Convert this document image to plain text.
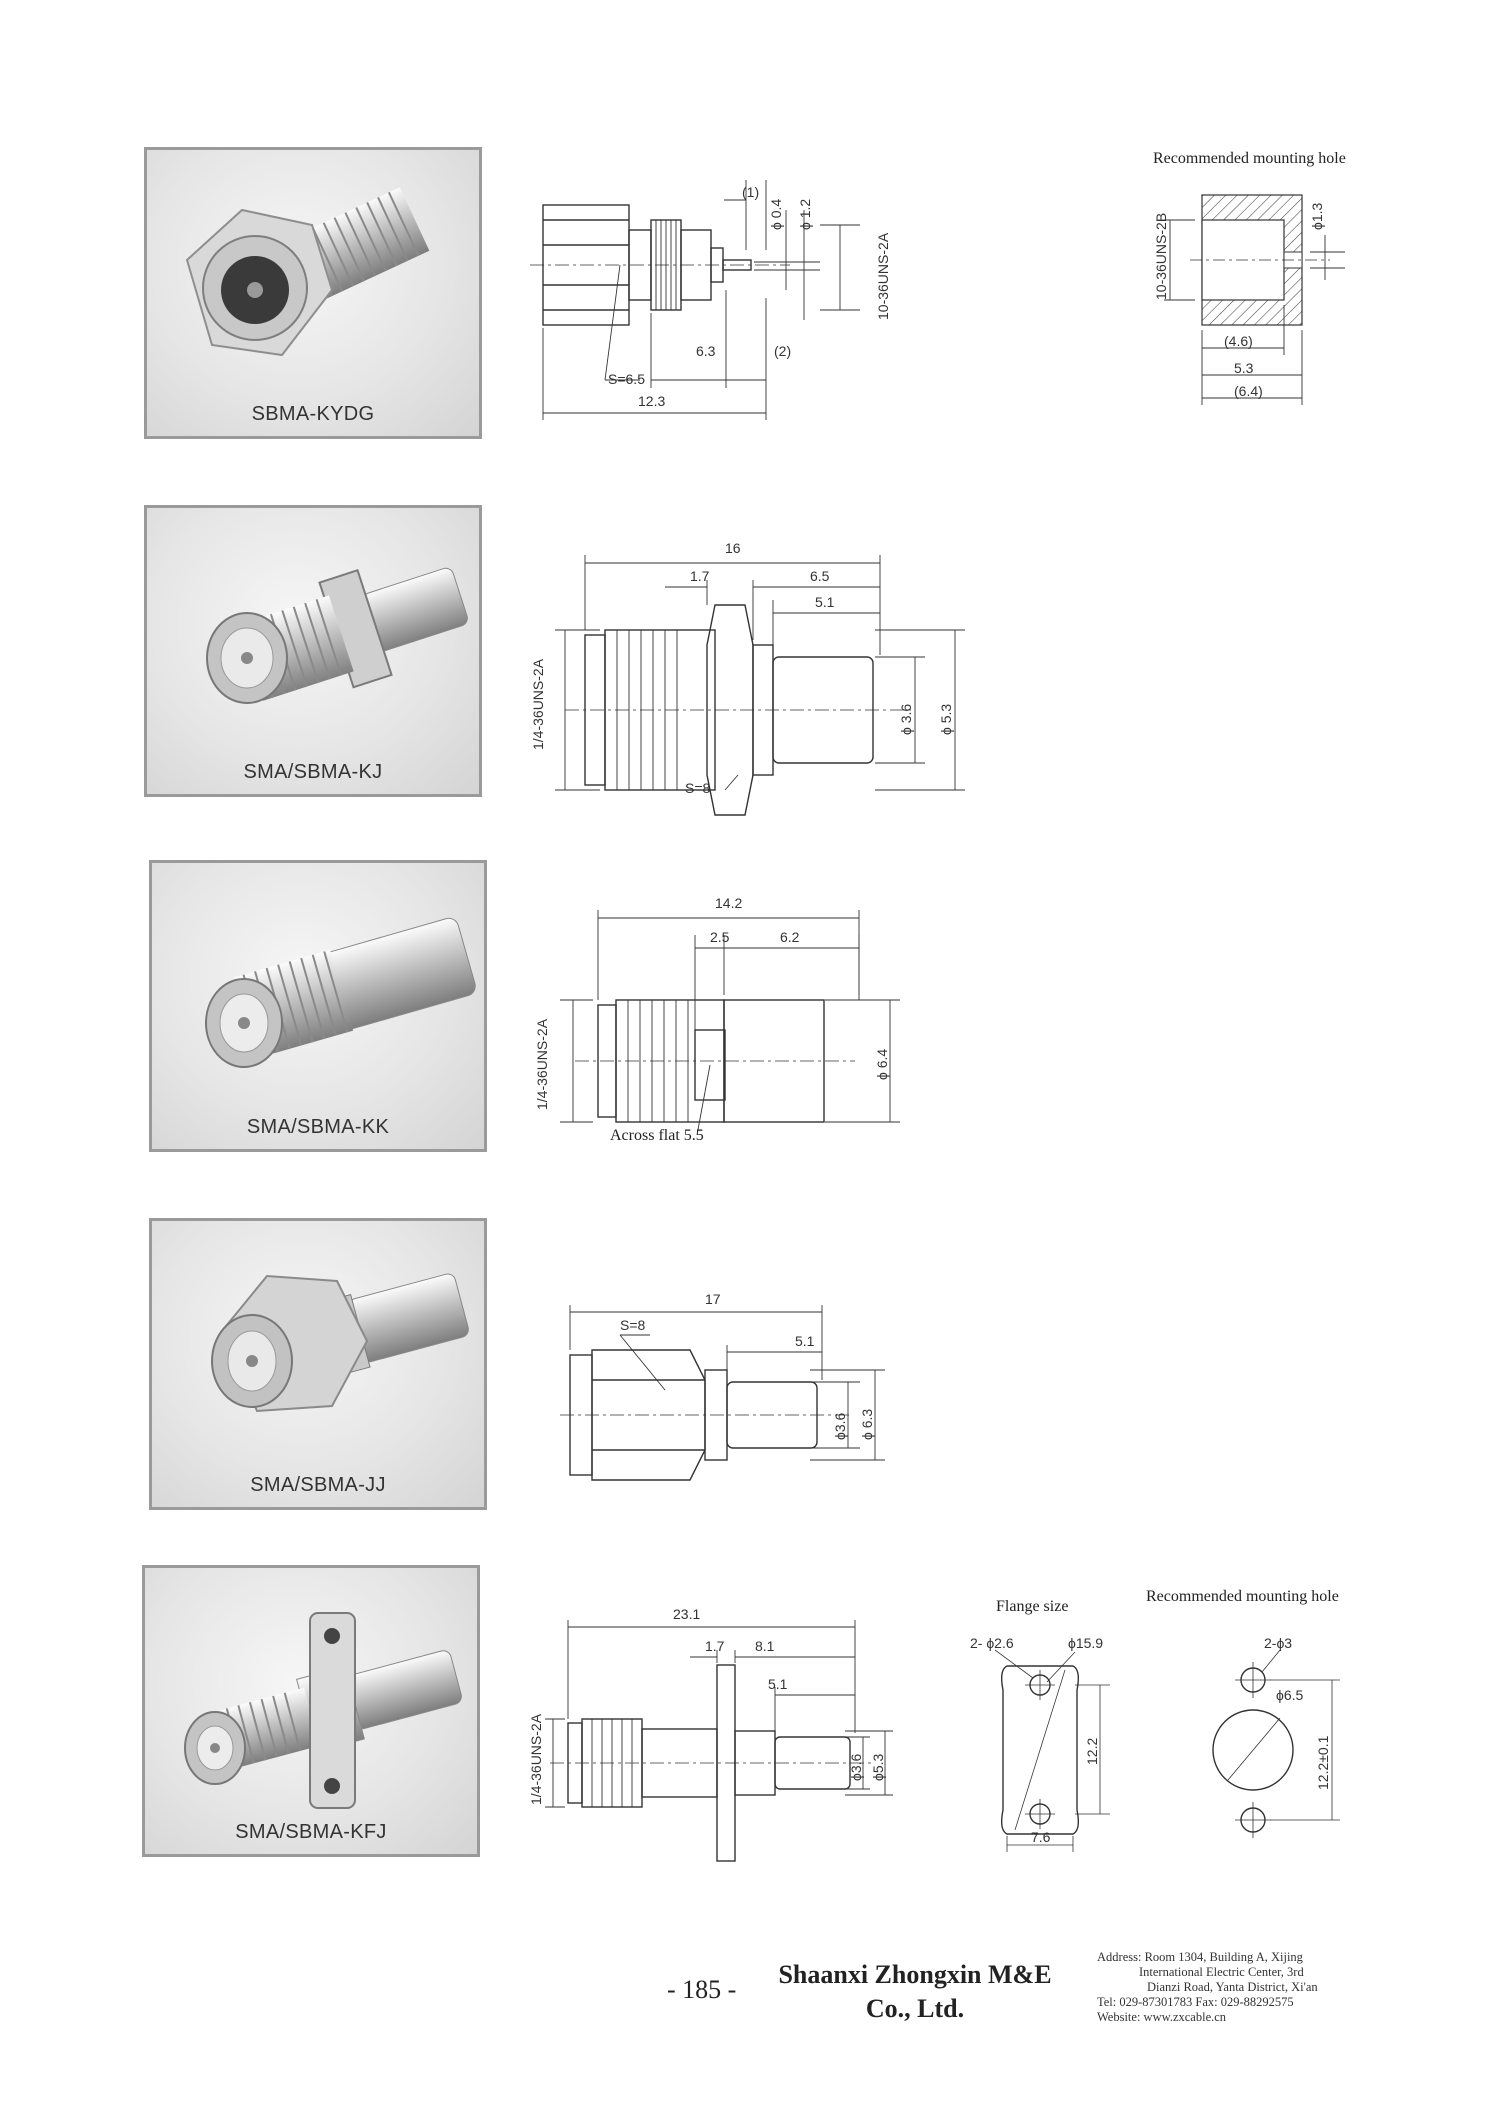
SBMA-KYDG
(1)
ϕ 0.4 ϕ 1.2
10-36UNS-2A
S=6.5
6.3	(2)
12.3
Recommended mounting hole
10-36UNS-2B	ϕ1.3
(4.6)
5.3
(6.4)
SMA/SBMA-KJ
16
1.7	6.5
5.1
1/4-36UNS-2A	ϕ 3.6 ϕ 5.3
S=8
SMA/SBMA-KK
14.2
2.5	6.2
1/4-36UNS-2A	ϕ 6.4
Across flat 5.5
SMA/SBMA-JJ
17
S=8
5.1
ϕ3.6 ϕ 6.3
SMA/SBMA-KFJ
23.1
1.7 8.1
5.1
1/4-36UNS-2A	ϕ3.6 ϕ5.3
Flange size
2- ϕ2.6	ϕ15.9
12.2
7.6
Recommended mounting hole
2-ϕ3
ϕ6.5
12.2±0.1
- 185 -
Shaanxi Zhongxin M&E
Co., Ltd.
Address: Room 1304, Building A, Xijing
International Electric Center, 3rd
Dianzi Road, Yanta District, Xi'an
Tel: 029-87301783 Fax: 029-88292575
Website: www.zxcable.cn
